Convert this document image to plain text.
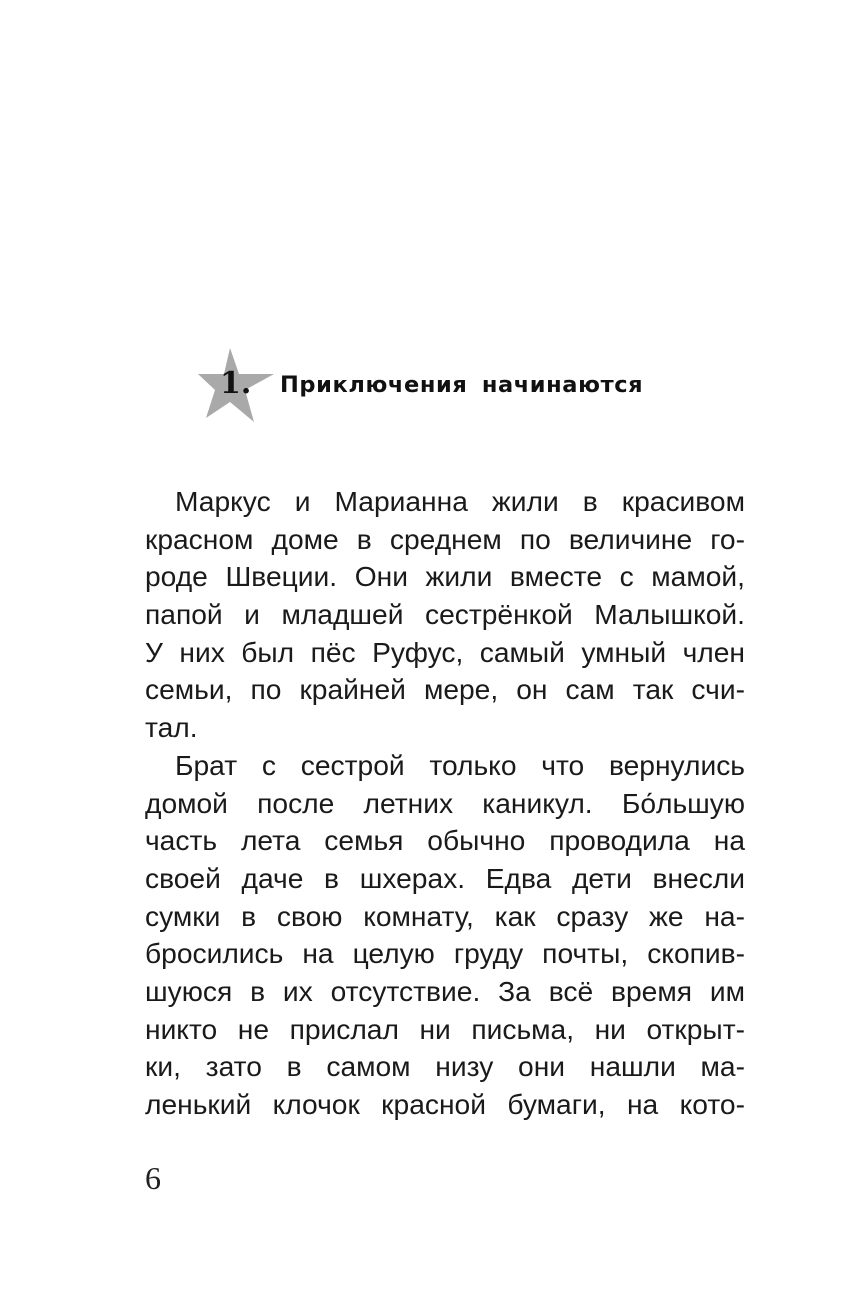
1. Приключения начинаются
Маркус и Марианна жили в красивом
красном доме в среднем по величине го-
роде Швеции. Они жили вместе с мамой,
папой и младшей сестрёнкой Малышкой.
У них был пёс Руфус, самый умный член
семьи, по крайней мере, он сам так счи-
тал.
Брат с сестрой только что вернулись
домой после летних каникул. Бо́льшую
часть лета семья обычно проводила на
своей даче в шхерах. Едва дети внесли
сумки в свою комнату, как сразу же на-
бросились на целую груду почты, скопив-
шуюся в их отсутствие. За всё время им
никто не прислал ни письма, ни открыт-
ки, зато в самом низу они нашли ма-
ленький клочок красной бумаги, на кото-
6
